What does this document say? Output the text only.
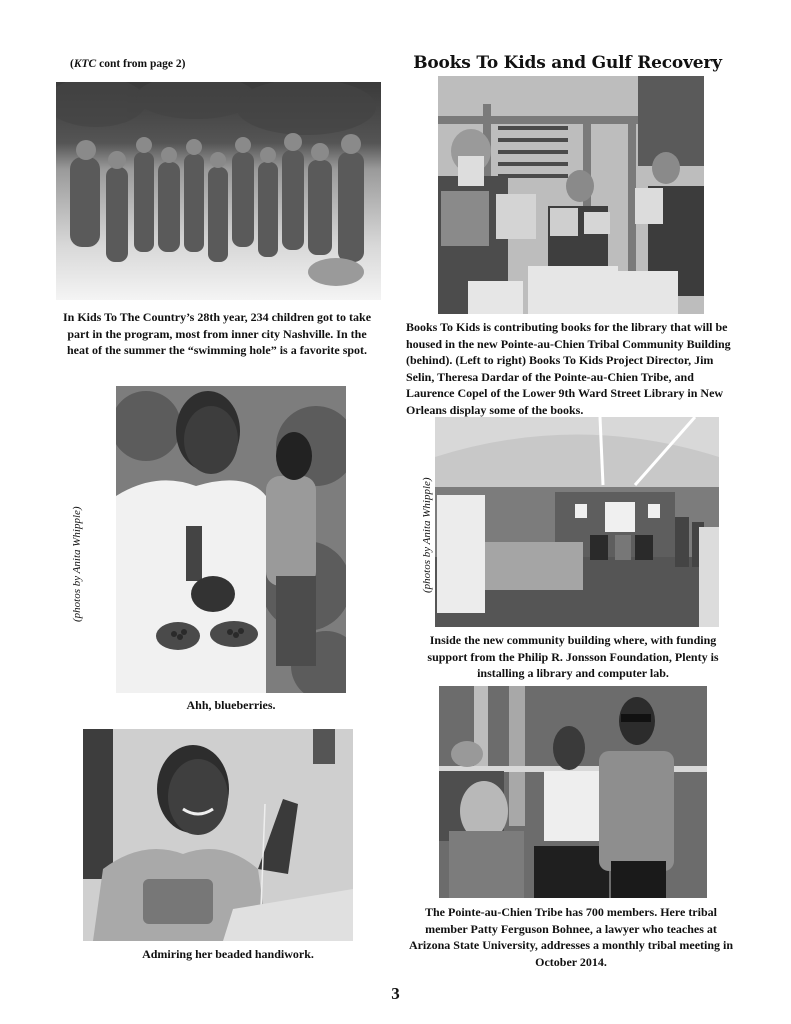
(KTC cont from page 2)
In Kids To The Country’s 28th year, 234 children got to take part in the program, most from inner city Nashville. In the heat of the summer the “swimming hole” is a favorite spot.
Ahh, blueberries.
Admiring her beaded handiwork.
(photos by Anita Whipple)
Books To Kids and Gulf Recovery
Books To Kids is contributing books for the library that will be housed in the new Pointe-au-Chien Tribal Community Building (behind). (Left to right) Books To Kids Project Director, Jim Selin, Theresa Dardar of the Pointe-au-Chien Tribe, and Laurence Copel of the Lower 9th Ward Street Library in New Orleans display some of the books.
Inside the new community building where, with funding support from the Philip R. Jonsson Foundation, Plenty is installing a library and computer lab.
The Pointe-au-Chien Tribe has 700 members. Here tribal member Patty Ferguson Bohnee, a lawyer who teaches at Arizona State University, addresses a monthly tribal meeting in October 2014.
(photos by Anita Whipple)
3
